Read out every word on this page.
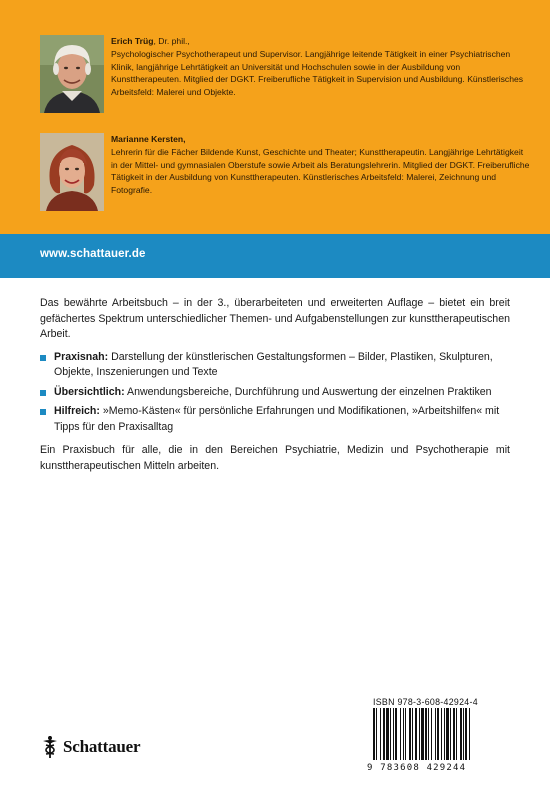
Erich Trüg, Dr. phil.,
Psychologischer Psychotherapeut und Supervisor. Langjährige leitende Tätigkeit in einer Psychiatrischen Klinik, langjährige Lehrtätigkeit an Universität und Hochschulen sowie in der Ausbildung von Kunsttherapeuten. Mitglied der DGKT. Freiberufliche Tätigkeit in Supervision und Ausbildung. Künstlerisches Arbeitsfeld: Malerei und Objekte.
Marianne Kersten,
Lehrerin für die Fächer Bildende Kunst, Geschichte und Theater; Kunsttherapeutin. Langjährige Lehrtätigkeit in der Mittel- und gymnasialen Oberstufe sowie Arbeit als Beratungslehrerin. Mitglied der DGKT. Freiberufliche Tätigkeit in der Ausbildung von Kunsttherapeuten. Künstlerisches Arbeitsfeld: Malerei, Zeichnung und Fotografie.
www.schattauer.de

Das bewährte Arbeitsbuch – in der 3., überarbeiteten und erweiterten Auflage – bietet ein breit gefächertes Spektrum unterschiedlicher Themen- und Aufgabenstellungen zur kunsttherapeutischen Arbeit.

Praxisnah: Darstellung der künstlerischen Gestaltungsformen – Bilder, Plastiken, Skulpturen, Objekte, Inszenierungen und Texte
Übersichtlich: Anwendungsbereiche, Durchführung und Auswertung der einzelnen Praktiken
Hilfreich: »Memo-Kästen« für persönliche Erfahrungen und Modifikationen, »Arbeitshilfen« mit Tipps für den Praxisalltag

Ein Praxisbuch für alle, die in den Bereichen Psychiatrie, Medizin und Psychotherapie mit kunsttherapeutischen Mitteln arbeiten.

Schattauer
ISBN 978-3-608-42924-4
9 783608 429244
